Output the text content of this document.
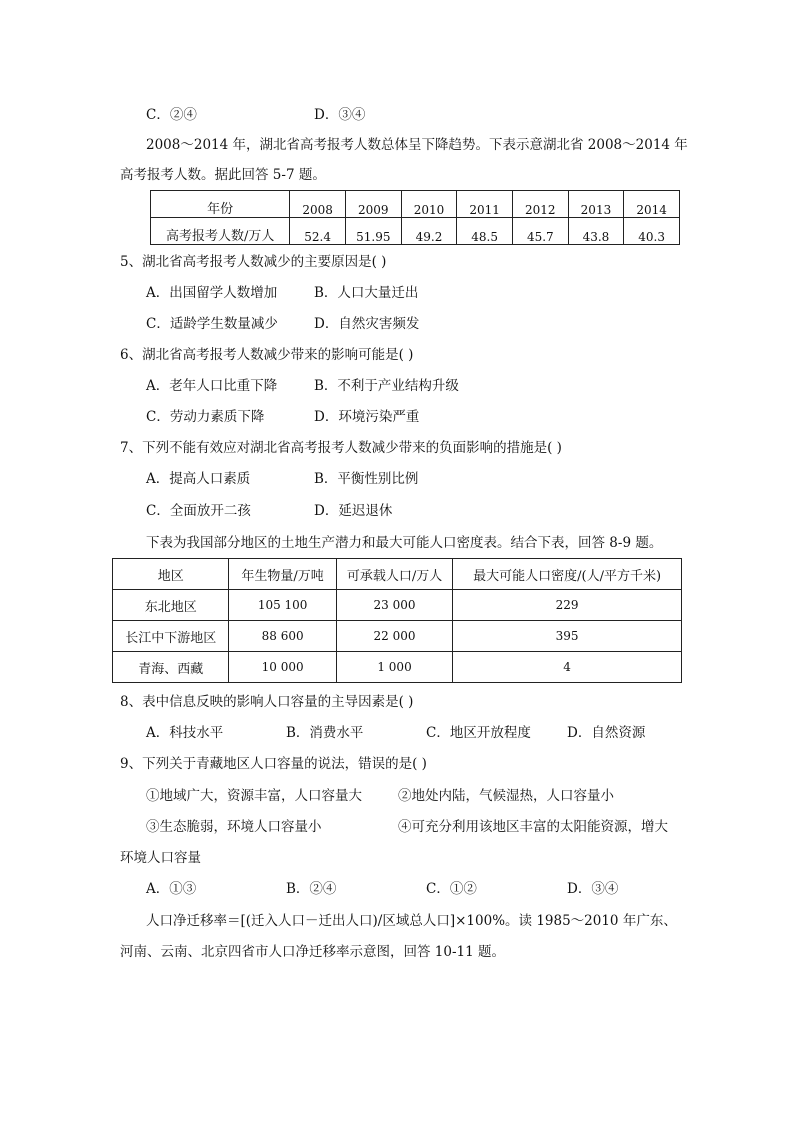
C．②④	D．③④
2008～2014 年，湖北省高考报考人数总体呈下降趋势。下表示意湖北省 2008～2014 年
高考报考人数。据此回答 5-7 题。
年份	2008	2009	2010	2011	2012	2013	2014
高考报考人数/万人	52.4	51.95	49.2	48.5	45.7	43.8	40.3
5、湖北省高考报考人数减少的主要原因是( )
A．出国留学人数增加	B．人口大量迁出
C．适龄学生数量减少	D．自然灾害频发
6、湖北省高考报考人数减少带来的影响可能是( )
A．老年人口比重下降	B．不利于产业结构升级
C．劳动力素质下降	D．环境污染严重
7、下列不能有效应对湖北省高考报考人数减少带来的负面影响的措施是( )
A．提高人口素质	B．平衡性别比例
C．全面放开二孩	D．延迟退休
下表为我国部分地区的土地生产潜力和最大可能人口密度表。结合下表，回答 8-9 题。
地区	年生物量/万吨	可承载人口/万人	最大可能人口密度/(人/平方千米)
东北地区	105 100	23 000	229
长江中下游地区	88 600	22 000	395
青海、西藏	10 000	1 000	4
8、表中信息反映的影响人口容量的主导因素是( )
A．科技水平	B．消费水平	C．地区开放程度	D．自然资源
9、下列关于青藏地区人口容量的说法，错误的是( )
①地域广大，资源丰富，人口容量大	②地处内陆，气候湿热，人口容量小
③生态脆弱，环境人口容量小	④可充分利用该地区丰富的太阳能资源，增大
环境人口容量
A．①③	B．②④	C．①②	D．③④
人口净迁移率＝[(迁入人口－迁出人口)/区域总人口]×100%。读 1985～2010 年广东、
河南、云南、北京四省市人口净迁移率示意图，回答 10-11 题。
